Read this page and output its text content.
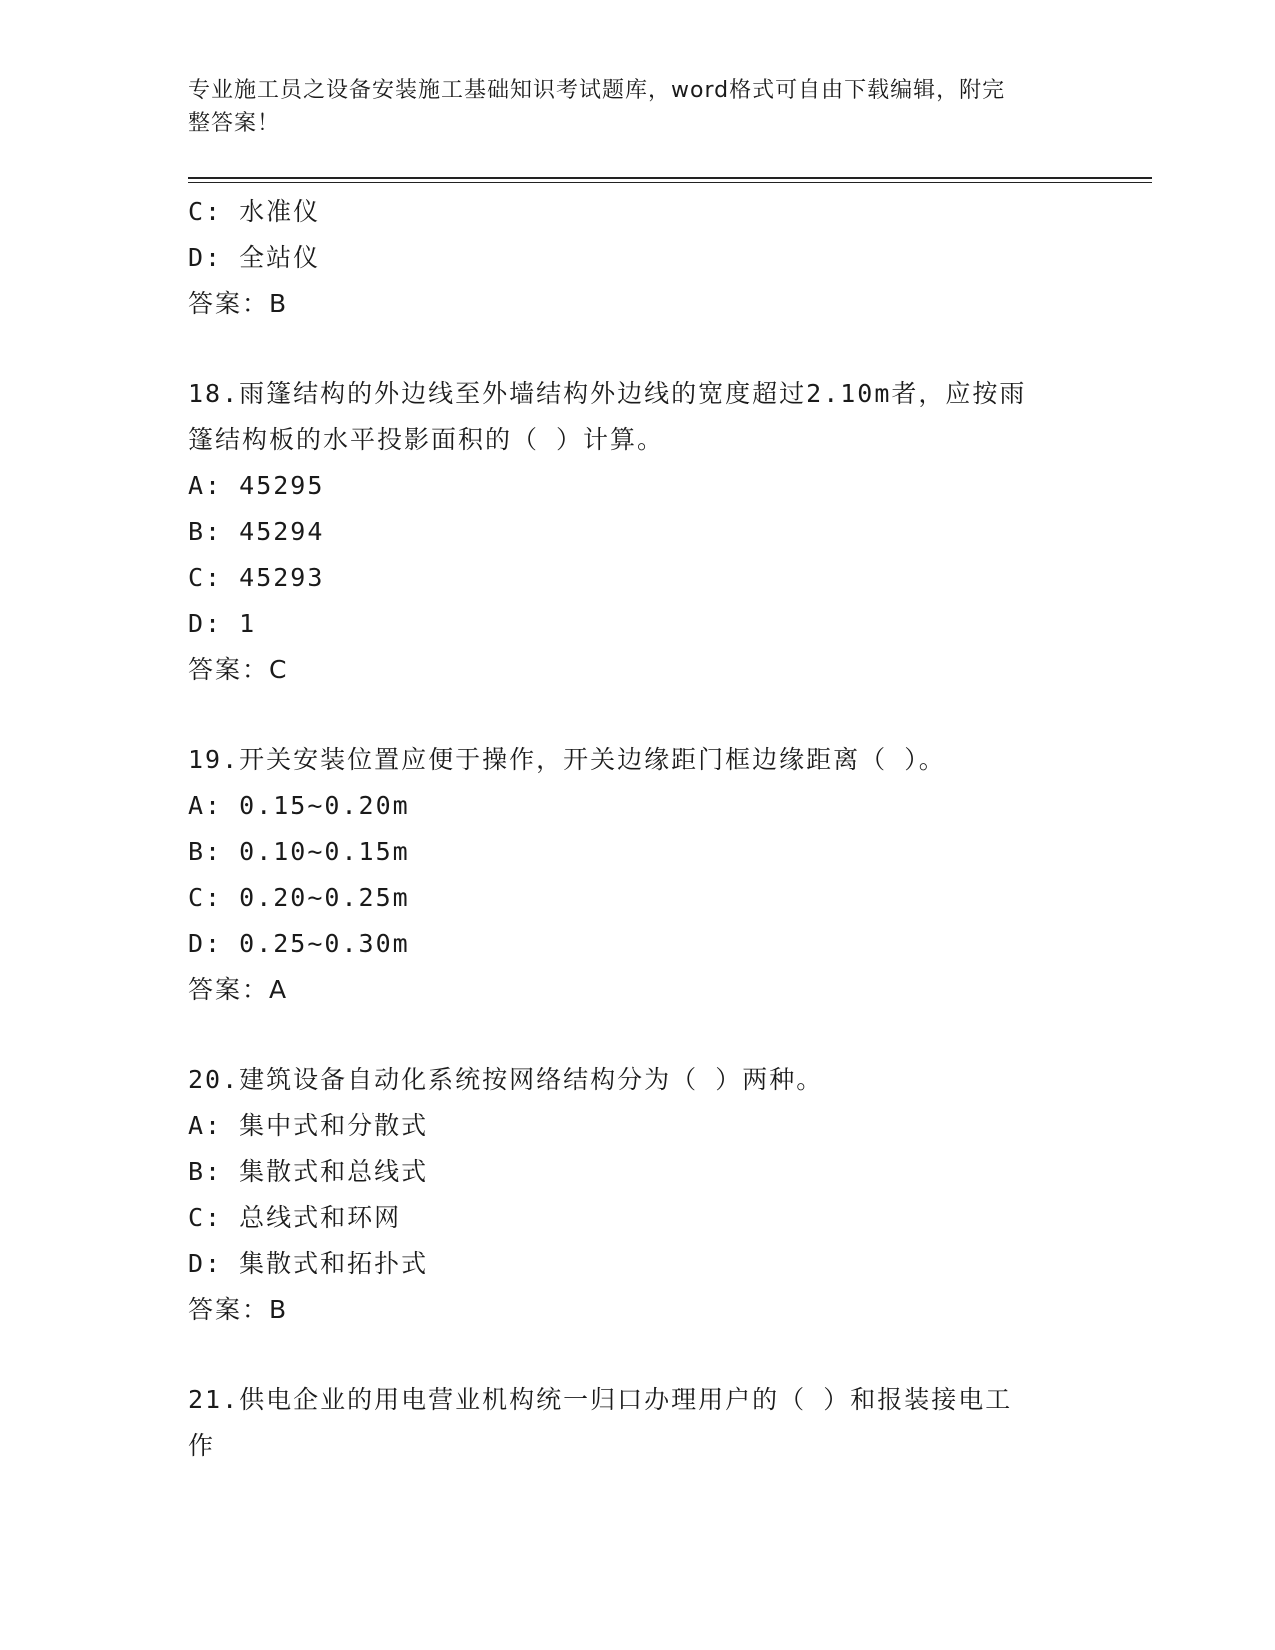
专业施工员之设备安装施工基础知识考试题库，word格式可自由下载编辑，附完
整答案！
C: 水准仪
D: 全站仪
答案：B
18.雨篷结构的外边线至外墙结构外边线的宽度超过2.10m者，应按雨
篷结构板的水平投影面积的（ ）计算。
A: 45295
B: 45294
C: 45293
D: 1
答案：C
19.开关安装位置应便于操作，开关边缘距门框边缘距离（ ）。
A: 0.15~0.20m
B: 0.10~0.15m
C: 0.20~0.25m
D: 0.25~0.30m
答案：A
20.建筑设备自动化系统按网络结构分为（ ）两种。
A: 集中式和分散式
B: 集散式和总线式
C: 总线式和环网
D: 集散式和拓扑式
答案：B
21.供电企业的用电营业机构统一归口办理用户的（ ）和报装接电工
作
